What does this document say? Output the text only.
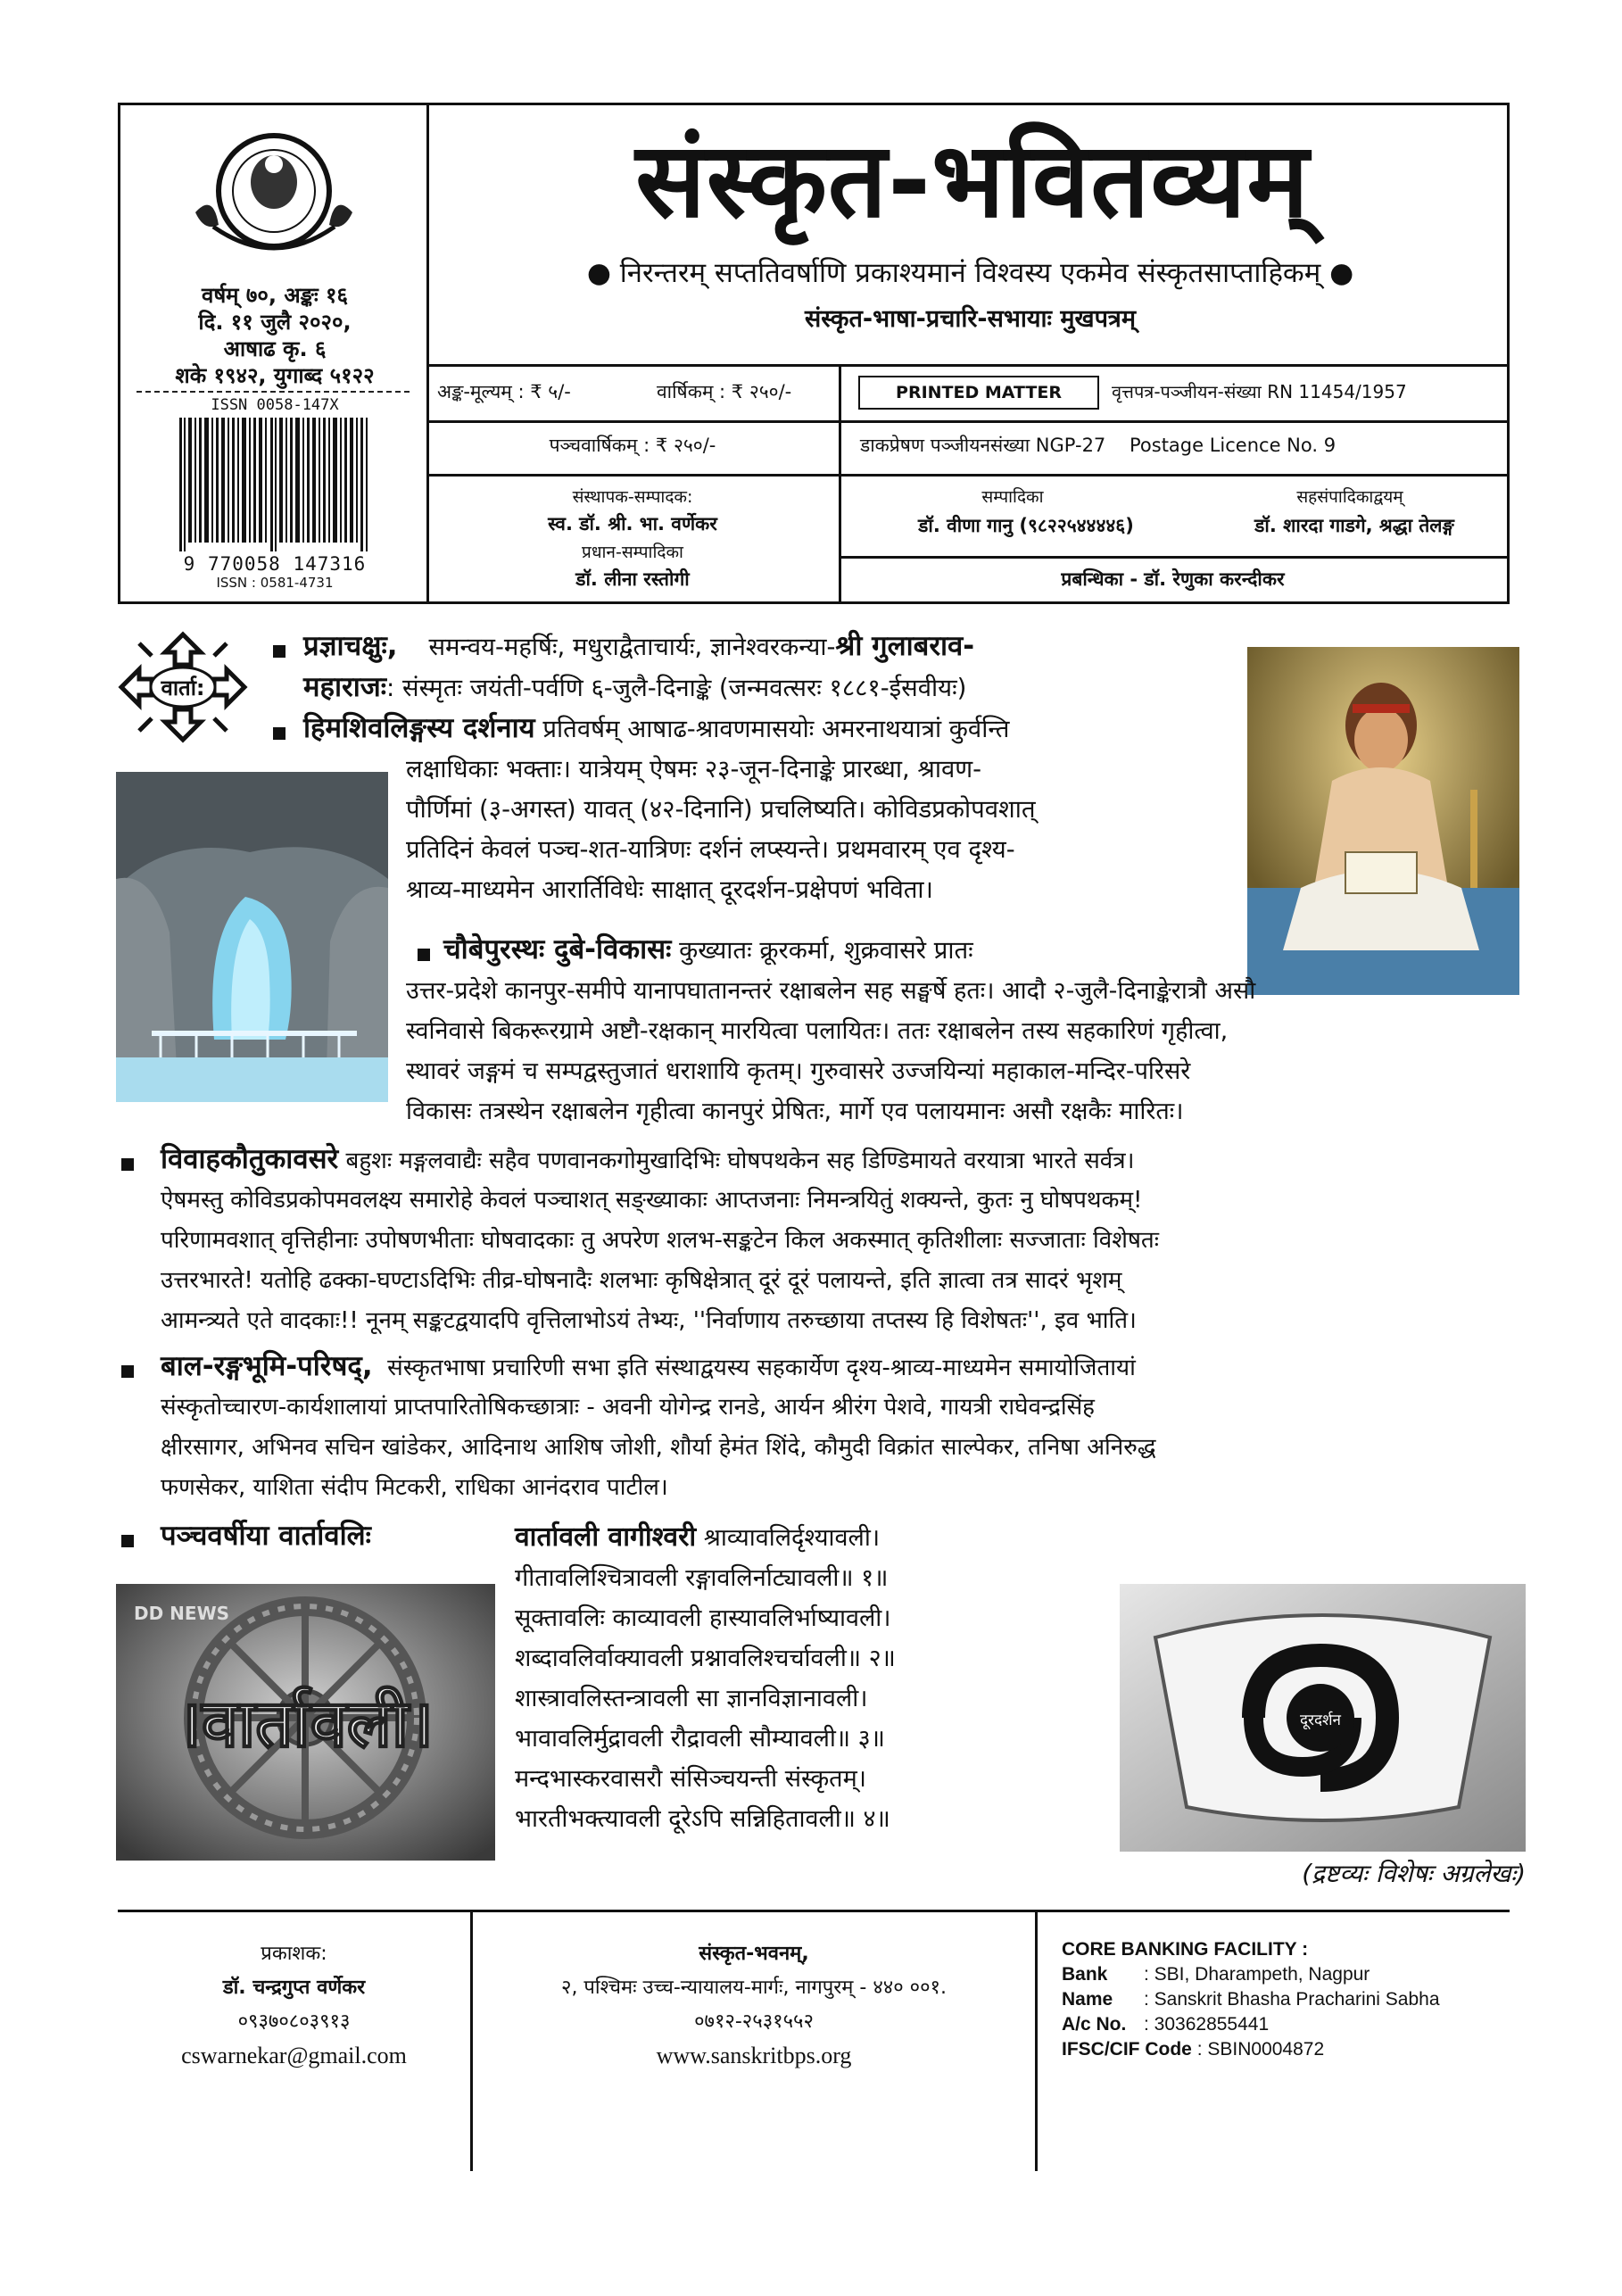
वर्षम् ७०, अङ्कः १६
दि. ११ जुलै २०२०,
आषाढ कृ. ६
शके १९४२, युगाब्द ५१२२
ISSN 0058-147X
9 770058 147316
ISSN : 0581-4731
संस्कृत-भवितव्यम्
● निरन्तरम् सप्ततिवर्षाणि प्रकाश्यमानं विश्वस्य एकमेव संस्कृतसाप्ताहिकम् ●
संस्कृत-भाषा-प्रचारि-सभायाः मुखपत्रम्
अङ्क-मूल्यम् : ₹ ५/-	वार्षिकम् : ₹ २५०/-	PRINTED MATTER	वृत्तपत्र-पञ्जीयन-संख्या RN 11454/1957
पञ्चवार्षिकम् : ₹ २५०/-	डाकप्रेषण पञ्जीयनसंख्या NGP-27    Postage Licence No. 9
संस्थापक-सम्पादक:
स्व. डॉ. श्री. भा. वर्णेकर
प्रधान-सम्पादिका
डॉ. लीना रस्तोगी
सम्पादिका
डॉ. वीणा गानु (९८२२५४४४४६)
सहसंपादिकाद्वयम्
डॉ. शारदा गाडगे, श्रद्धा तेलङ्ग
प्रबन्धिका - डॉ. रेणुका करन्दीकर
वार्ता:
प्रज्ञाचक्षुः, समन्वय-महर्षिः, मधुराद्वैताचार्यः, ज्ञानेश्वरकन्या-श्री गुलाबराव-
महाराजः: संस्मृतः जयंती-पर्वणि ६-जुलै-दिनाङ्के (जन्मवत्सरः १८८१-ईसवीयः)
हिमशिवलिङ्गस्य दर्शनाय प्रतिवर्षम् आषाढ-श्रावणमासयोः अमरनाथयात्रां कुर्वन्ति
लक्षाधिकाः भक्ताः। यात्रेयम् ऐषमः २३-जून-दिनाङ्के प्रारब्धा, श्रावण-
पौर्णिमां (३-अगस्त) यावत् (४२-दिनानि) प्रचलिष्यति। कोविडप्रकोपवशात्
प्रतिदिनं केवलं पञ्च-शत-यात्रिणः दर्शनं लप्स्यन्ते। प्रथमवारम् एव दृश्य-
श्राव्य-माध्यमेन आरार्तिविधेः साक्षात् दूरदर्शन-प्रक्षेपणं भविता।
चौबेपुरस्थः दुबे-विकासः कुख्यातः क्रूरकर्मा, शुक्रवासरे प्रातः
उत्तर-प्रदेशे कानपुर-समीपे यानापघातानन्तरं रक्षाबलेन सह सङ्घर्षे हतः। आदौ २-जुलै-दिनाङ्केरात्रौ असौ
स्वनिवासे बिकरूरग्रामे अष्टौ-रक्षकान् मारयित्वा पलायितः। ततः रक्षाबलेन तस्य सहकारिणं गृहीत्वा,
स्थावरं जङ्गमं च सम्पद्वस्तुजातं धराशायि कृतम्। गुरुवासरे उज्जयिन्यां महाकाल-मन्दिर-परिसरे
विकासः तत्रस्थेन रक्षाबलेन गृहीत्वा कानपुरं प्रेषितः, मार्गे एव पलायमानः असौ रक्षकैः मारितः।
विवाहकौतुकावसरे बहुशः मङ्गलवाद्यैः सहैव पणवानकगोमुखादिभिः घोषपथकेन सह डिण्डिमायते वरयात्रा भारते सर्वत्र।
ऐषमस्तु कोविडप्रकोपमवलक्ष्य समारोहे केवलं पञ्चाशत् सङ्ख्याकाः आप्तजनाः निमन्त्रयितुं शक्यन्ते, कुतः नु घोषपथकम्!
परिणामवशात् वृत्तिहीनाः उपोषणभीताः घोषवादकाः तु अपरेण शलभ-सङ्कटेन किल अकस्मात् कृतिशीलाः सज्जाताः विशेषतः
उत्तरभारते! यतोहि ढक्का-घण्टाऽदिभिः तीव्र-घोषनादैः शलभाः कृषिक्षेत्रात् दूरं दूरं पलायन्ते, इति ज्ञात्वा तत्र सादरं भृशम्
आमन्त्र्यते एते वादकाः!! नूनम् सङ्कटद्वयादपि वृत्तिलाभोऽयं तेभ्यः, ''निर्वाणाय तरुच्छाया तप्तस्य हि विशेषतः'', इव भाति।
बाल-रङ्गभूमि-परिषद्, संस्कृतभाषा प्रचारिणी सभा इति संस्थाद्वयस्य सहकार्येण दृश्य-श्राव्य-माध्यमेन समायोजितायां
संस्कृतोच्चारण-कार्यशालायां प्राप्तपारितोषिकच्छात्राः - अवनी योगेन्द्र रानडे, आर्यन श्रीरंग पेशवे, गायत्री राघेवन्द्रसिंह
क्षीरसागर, अभिनव सचिन खांडेकर, आदिनाथ आशिष जोशी, शौर्या हेमंत शिंदे, कौमुदी विक्रांत साल्पेकर, तनिषा अनिरुद्ध
फणसेकर, याशिता संदीप मिटकरी, राधिका आनंदराव पाटील।
पञ्चवर्षीया वार्तावलिः	वार्तावली वागीश्वरी श्राव्यावलिर्दृश्यावली।
गीतावलिश्चित्रावली रङ्गावलिर्नाट्यावली॥ १॥
सूक्तावलिः काव्यावली हास्यावलिर्भाष्यावली।
शब्दावलिर्वाक्यावली प्रश्नावलिश्चर्चावली॥ २॥
शास्त्रावलिस्तन्त्रावली सा ज्ञानविज्ञानावली।
भावावलिर्मुद्रावली रौद्रावली सौम्यावली॥ ३॥
मन्दभास्करवासरौ संसिञ्चयन्ती संस्कृतम्।
भारतीभक्त्यावली दूरेऽपि सन्निहितावली॥ ४॥
DD NEWS
।वार्तावली।	दूरदर्शन
(द्रष्टव्यः विशेषः अग्रलेखः)
प्रकाशक:
डॉ. चन्द्रगुप्त वर्णेकर
०९३७०८०३९१३
cswarnekar@gmail.com
संस्कृत-भवनम्,
२, पश्चिमः उच्च-न्यायालय-मार्गः, नागपुरम् - ४४० ००१.
०७१२-२५३१५५२
www.sanskritbps.org
CORE BANKING FACILITY :
Bank : SBI, Dharampeth, Nagpur
Name : Sanskrit Bhasha Pracharini Sabha
A/c No. : 30362855441
IFSC/CIF Code : SBIN0004872
